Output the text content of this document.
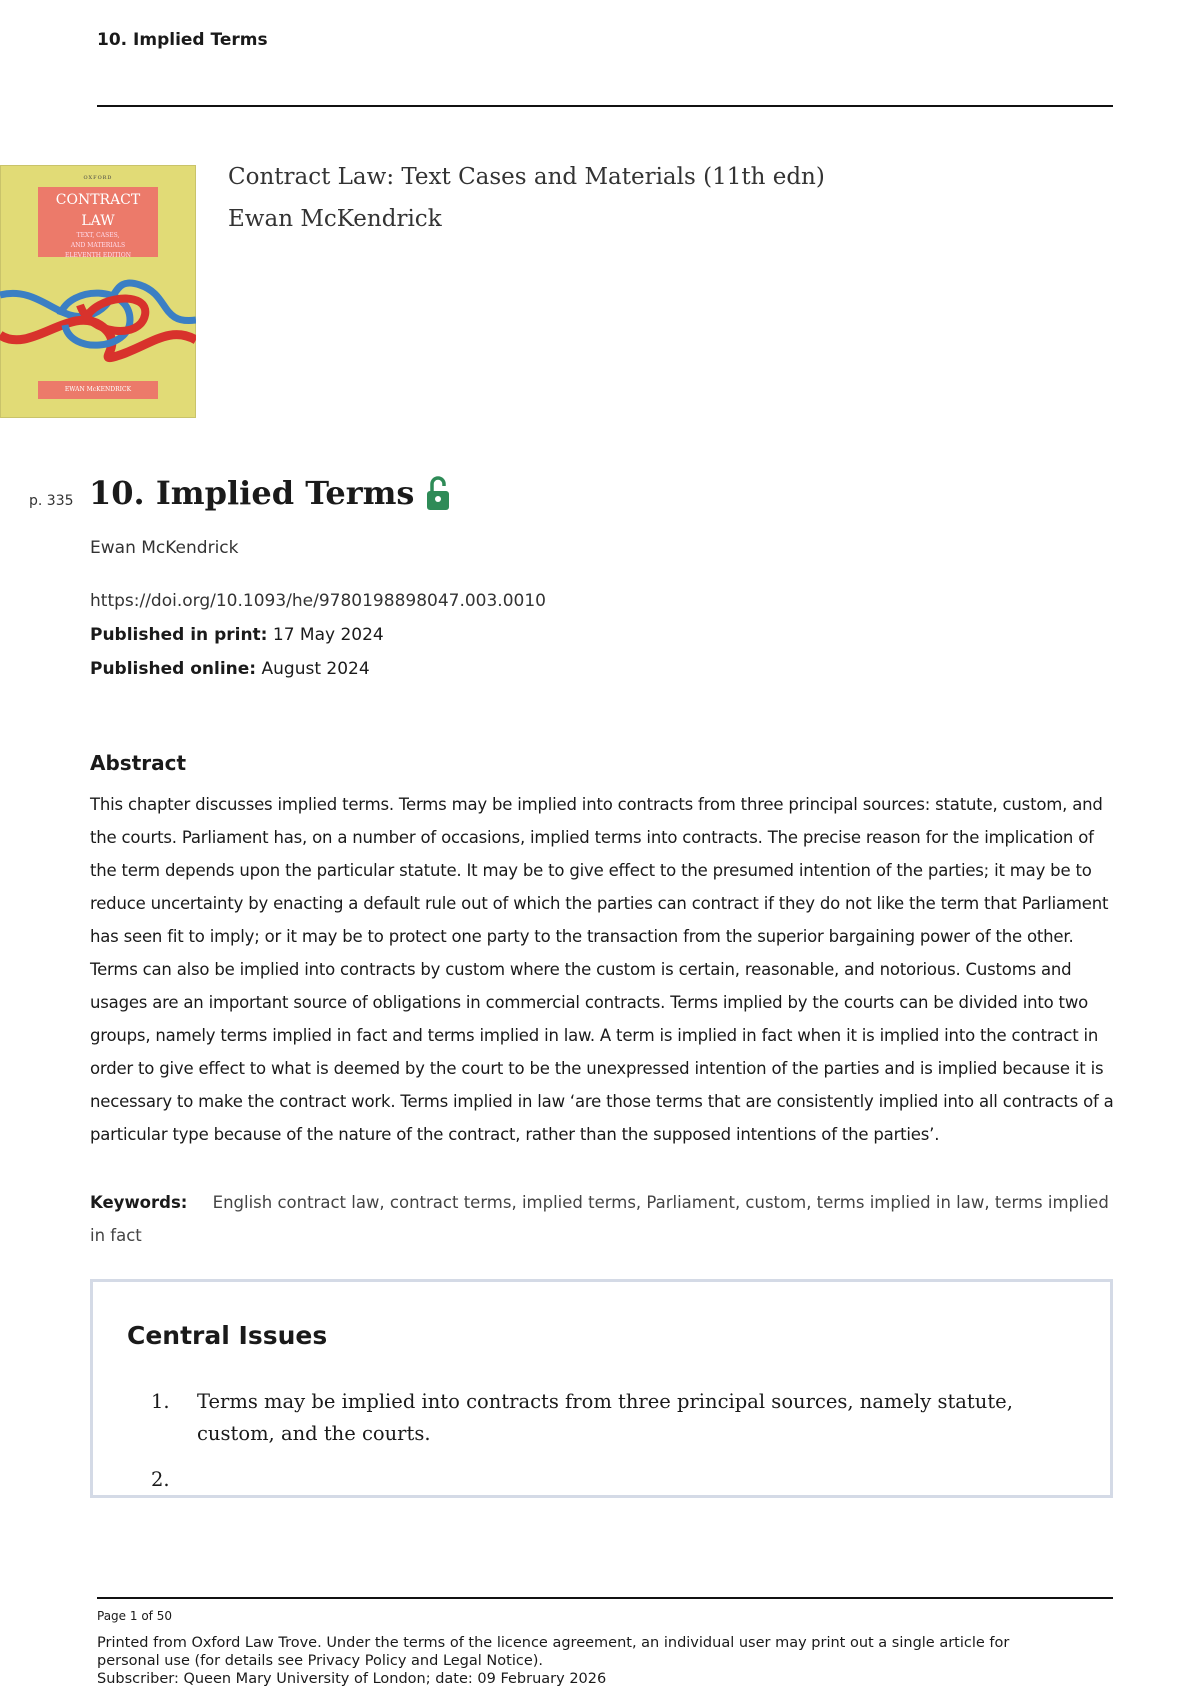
10. Implied Terms
OXFORD
CONTRACT
LAW
TEXT, CASES,
AND MATERIALS
ELEVENTH EDITION
EWAN McKENDRICK
Contract Law: Text Cases and Materials (11th edn)
Ewan McKendrick
p. 335 10. Implied Terms
Ewan McKendrick
https://doi.org/10.1093/he/9780198898047.003.0010
Published in print: 17 May 2024
Published online: August 2024
Abstract
This chapter discusses implied terms. Terms may be implied into contracts from three principal sources: statute, custom, and
the courts. Parliament has, on a number of occasions, implied terms into contracts. The precise reason for the implication of
the term depends upon the particular statute. It may be to give effect to the presumed intention of the parties; it may be to
reduce uncertainty by enacting a default rule out of which the parties can contract if they do not like the term that Parliament
has seen fit to imply; or it may be to protect one party to the transaction from the superior bargaining power of the other.
Terms can also be implied into contracts by custom where the custom is certain, reasonable, and notorious. Customs and
usages are an important source of obligations in commercial contracts. Terms implied by the courts can be divided into two
groups, namely terms implied in fact and terms implied in law. A term is implied in fact when it is implied into the contract in
order to give effect to what is deemed by the court to be the unexpressed intention of the parties and is implied because it is
necessary to make the contract work. Terms implied in law ‘are those terms that are consistently implied into all contracts of a
particular type because of the nature of the contract, rather than the supposed intentions of the parties’.
Keywords: English contract law, contract terms, implied terms, Parliament, custom, terms implied in law, terms implied in fact
Central Issues
1. Terms may be implied into contracts from three principal sources, namely statute, custom, and the courts.
2.
Page 1 of 50
Printed from Oxford Law Trove. Under the terms of the licence agreement, an individual user may print out a single article for
personal use (for details see Privacy Policy and Legal Notice).
Subscriber: Queen Mary University of London; date: 09 February 2026
